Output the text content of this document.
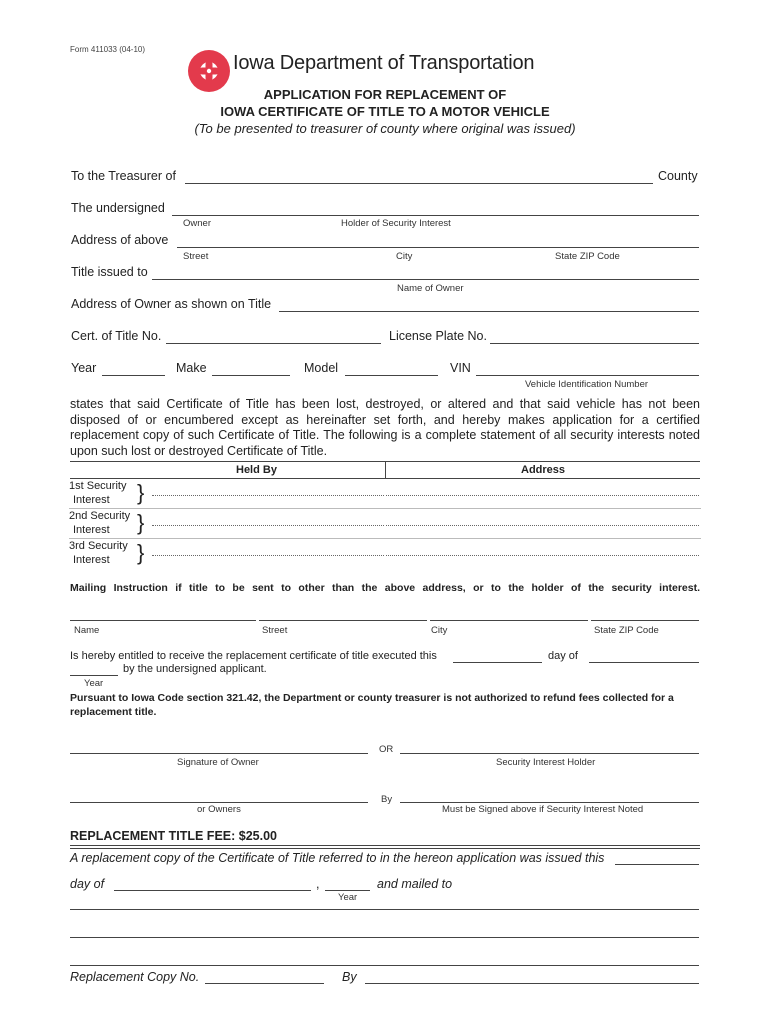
Form 411033 (04-10)
Iowa Department of Transportation
APPLICATION FOR REPLACEMENT OF
IOWA CERTIFICATE OF TITLE TO A MOTOR VEHICLE
(To be presented to treasurer of county where original was issued)
To the Treasurer of	County
The undersigned
Owner	Holder of Security Interest
Address of above
Street	City	State ZIP Code
Title issued to
Name of Owner
Address of Owner as shown on Title
Cert. of Title No.	License Plate No.
Year	Make	Model	VIN
Vehicle Identification Number
states that said Certificate of Title has been lost, destroyed, or altered and that said vehicle has not been disposed of or encumbered except as hereinafter set forth, and hereby makes application for a certified replacement copy of such Certificate of Title. The following is a complete statement of all security interests noted upon such lost or destroyed Certificate of Title.
Held By	Address
1st Security
Interest }
2nd Security
Interest }
3rd Security
Interest }
Mailing Instruction if title to be sent to other than the above address, or to the holder of the security interest.
Name	Street	City	State ZIP Code
Is hereby entitled to receive the replacement certificate of title executed this	day of
by the undersigned applicant.
Year
Pursuant to Iowa Code section 321.42, the Department or county treasurer is not authorized to refund fees collected for a replacement title.
OR
Signature of Owner	Security Interest Holder
By
or Owners	Must be Signed above if Security Interest Noted
REPLACEMENT TITLE FEE: $25.00
A replacement copy of the Certificate of Title referred to in the hereon application was issued this
day of	,	and mailed to
Year
Replacement Copy No.	By
